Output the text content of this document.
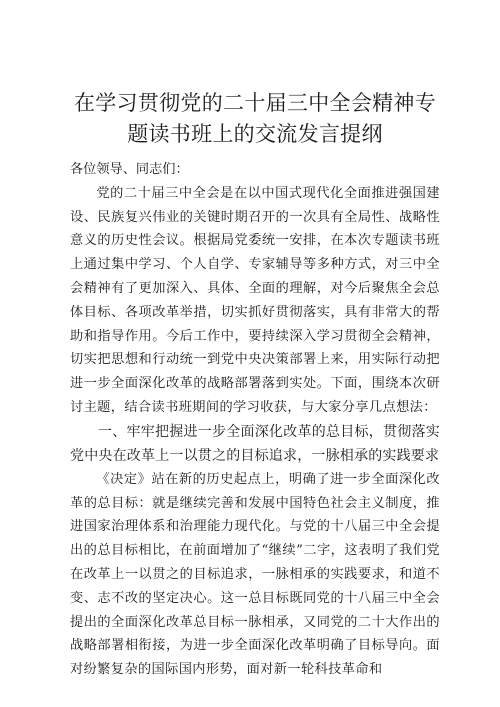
在学习贯彻党的二十届三中全会精神专题读书班上的交流发言提纲

各位领导、同志们：

党的二十届三中全会是在以中国式现代化全面推进强国建设、民族复兴伟业的关键时期召开的一次具有全局性、战略性意义的历史性会议。根据局党委统一安排，在本次专题读书班上通过集中学习、个人自学、专家辅导等多种方式，对三中全会精神有了更加深入、具体、全面的理解，对今后聚焦全会总体目标、各项改革举措，切实抓好贯彻落实，具有非常大的帮助和指导作用。今后工作中，要持续深入学习贯彻全会精神，切实把思想和行动统一到党中央决策部署上来，用实际行动把进一步全面深化改革的战略部署落到实处。下面，围绕本次研讨主题，结合读书班期间的学习收获，与大家分享几点想法：

一、牢牢把握进一步全面深化改革的总目标，贯彻落实党中央在改革上一以贯之的目标追求，一脉相承的实践要求

《决定》站在新的历史起点上，明确了进一步全面深化改革的总目标：就是继续完善和发展中国特色社会主义制度，推进国家治理体系和治理能力现代化。与党的十八届三中全会提出的总目标相比，在前面增加了“继续”二字，这表明了我们党在改革上一以贯之的目标追求，一脉相承的实践要求，和道不变、志不改的坚定决心。这一总目标既同党的十八届三中全会提出的全面深化改革总目标一脉相承，又同党的二十大作出的战略部署相衔接，为进一步全面深化改革明确了目标导向。面对纷繁复杂的国际国内形势，面对新一轮科技革命和
